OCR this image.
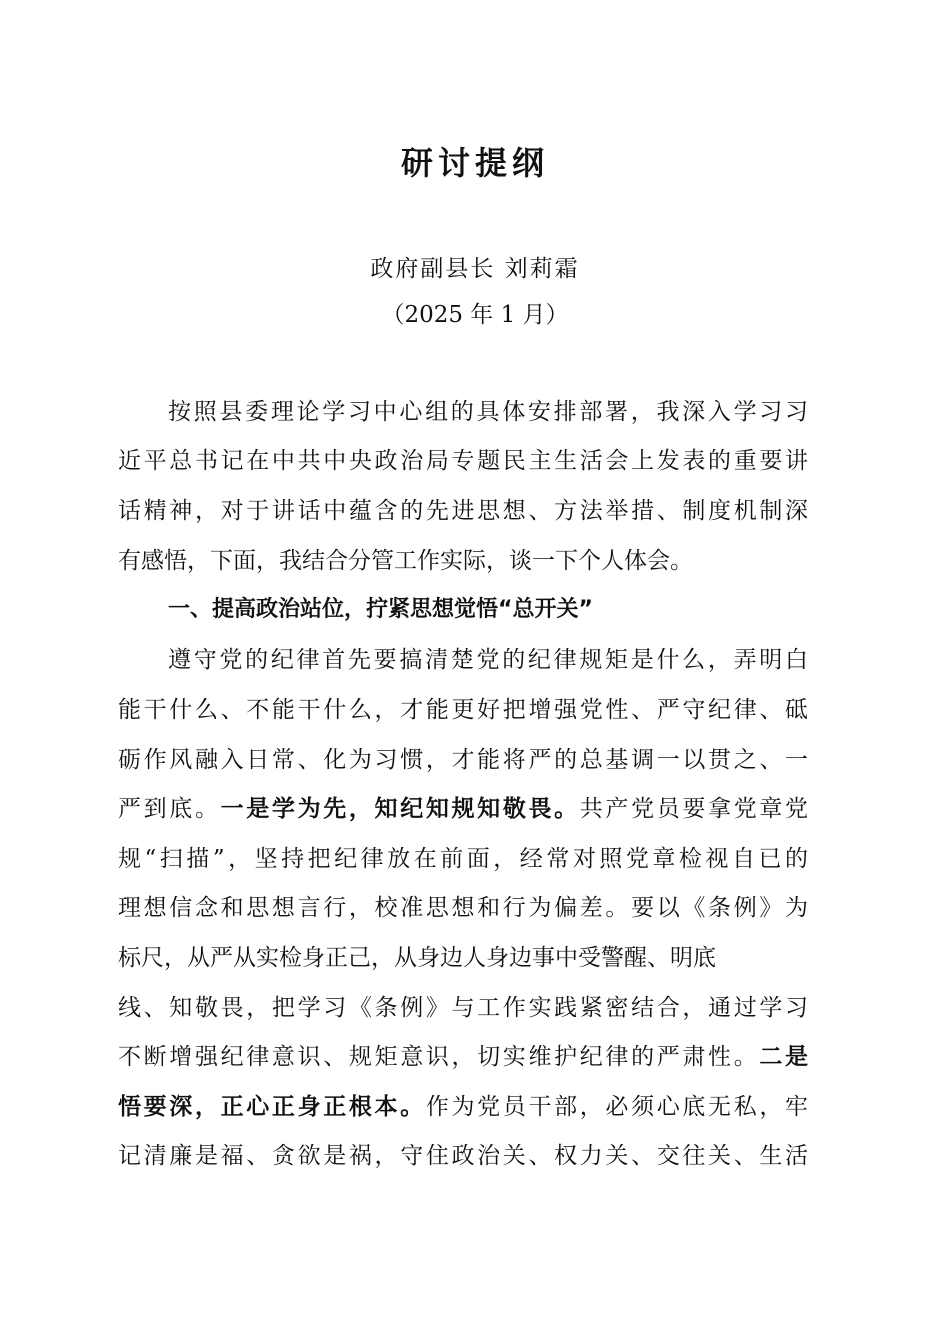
研讨提纲
政府副县长 刘莉霜
（2025 年 1 月）
按照县委理论学习中心组的具体安排部署，我深入学习习
近平总书记在中共中央政治局专题民主生活会上发表的重要讲
话精神，对于讲话中蕴含的先进思想、方法举措、制度机制深
有感悟，下面，我结合分管工作实际，谈一下个人体会。
一、提高政治站位，拧紧思想觉悟“总开关”
遵守党的纪律首先要搞清楚党的纪律规矩是什么，弄明白
能干什么、不能干什么，才能更好把增强党性、严守纪律、砥
砺作风融入日常、化为习惯，才能将严的总基调一以贯之、一
严到底。一是学为先，知纪知规知敬畏。共产党员要拿党章党
规“扫描”，坚持把纪律放在前面，经常对照党章检视自已的
理想信念和思想言行，校准思想和行为偏差。要以《条例》为
标尺，从严从实检身正己，从身边人身边事中受警醒、明底
线、知敬畏，把学习《条例》与工作实践紧密结合，通过学习
不断增强纪律意识、规矩意识，切实维护纪律的严肃性。二是
悟要深，正心正身正根本。作为党员干部，必须心底无私，牢
记清廉是福、贪欲是祸，守住政治关、权力关、交往关、生活
